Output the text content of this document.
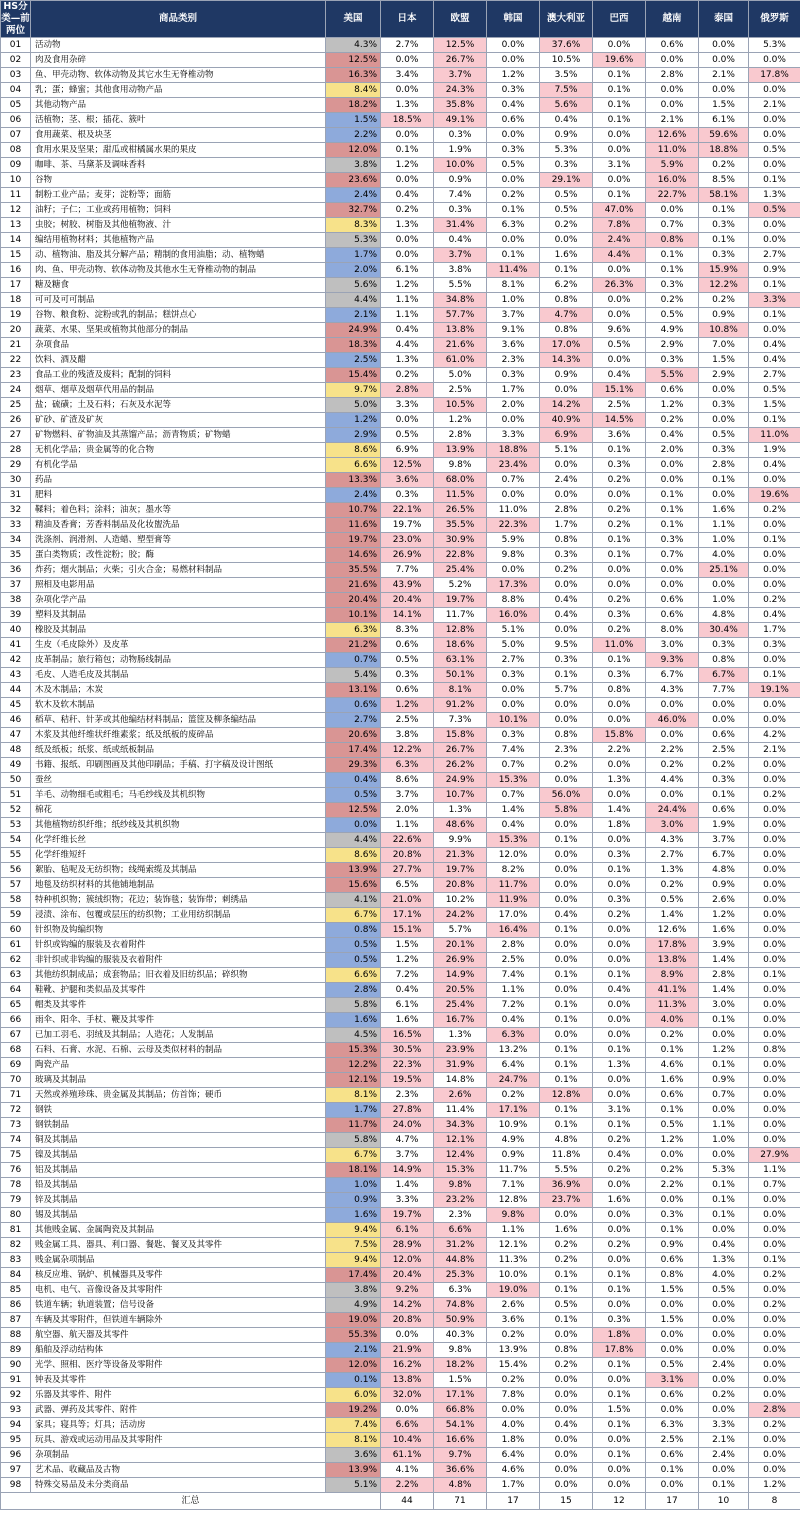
HS分类—前两位	商品类别	美国	日本	欧盟	韩国	澳大利亚	巴西	越南	泰国	俄罗斯
01	活动物	4.3%	2.7%	12.5%	0.0%	37.6%	0.0%	0.6%	0.0%	5.3%
02	肉及食用杂碎	12.5%	0.0%	26.7%	0.0%	10.5%	19.6%	0.0%	0.0%	0.0%
03	鱼、甲壳动物、软体动物及其它水生无脊椎动物	16.3%	3.4%	3.7%	1.2%	3.5%	0.1%	2.8%	2.1%	17.8%
04	乳；蛋；蜂蜜；其他食用动物产品	8.4%	0.0%	24.3%	0.3%	7.5%	0.1%	0.0%	0.0%	0.0%
05	其他动物产品	18.2%	1.3%	35.8%	0.4%	5.6%	0.1%	0.0%	1.5%	2.1%
06	活植物；茎、根；插花、簇叶	1.5%	18.5%	49.1%	0.6%	0.4%	0.1%	2.1%	6.1%	0.0%
07	食用蔬菜、根及块茎	2.2%	0.0%	0.3%	0.0%	0.9%	0.0%	12.6%	59.6%	0.0%
08	食用水果及坚果；甜瓜或柑橘属水果的果皮	12.0%	0.1%	1.9%	0.3%	5.3%	0.0%	11.0%	18.8%	0.5%
09	咖啡、茶、马黛茶及调味香料	3.8%	1.2%	10.0%	0.5%	0.3%	3.1%	5.9%	0.2%	0.0%
10	谷物	23.6%	0.0%	0.9%	0.0%	29.1%	0.0%	16.0%	8.5%	0.1%
11	制粉工业产品；麦芽；淀粉等；面筋	2.4%	0.4%	7.4%	0.2%	0.5%	0.1%	22.7%	58.1%	1.3%
12	油籽；子仁；工业或药用植物；饲料	32.7%	0.2%	0.3%	0.1%	0.5%	47.0%	0.0%	0.1%	0.5%
13	虫胶；树胶、树脂及其他植物液、汁	8.3%	1.3%	31.4%	6.3%	0.2%	7.8%	0.7%	0.3%	0.0%
14	编结用植物材料；其他植物产品	5.3%	0.0%	0.4%	0.0%	0.0%	2.4%	0.8%	0.1%	0.0%
15	动、植物油、脂及其分解产品；精制的食用油脂；动、植物蜡	1.7%	0.0%	3.7%	0.1%	1.6%	4.4%	0.1%	0.3%	2.7%
16	肉、鱼、甲壳动物、软体动物及其他水生无脊椎动物的制品	2.0%	6.1%	3.8%	11.4%	0.1%	0.0%	0.1%	15.9%	0.9%
17	糖及糖食	5.6%	1.2%	5.5%	8.1%	6.2%	26.3%	0.3%	12.2%	0.1%
18	可可及可可制品	4.4%	1.1%	34.8%	1.0%	0.8%	0.0%	0.2%	0.2%	3.3%
19	谷物、粮食粉、淀粉或乳的制品；糕饼点心	2.1%	1.1%	57.7%	3.7%	4.7%	0.0%	0.5%	0.9%	0.1%
20	蔬菜、水果、坚果或植物其他部分的制品	24.9%	0.4%	13.8%	9.1%	0.8%	9.6%	4.9%	10.8%	0.0%
21	杂项食品	18.3%	4.4%	21.6%	3.6%	17.0%	0.5%	2.9%	7.0%	0.4%
22	饮料、酒及醋	2.5%	1.3%	61.0%	2.3%	14.3%	0.0%	0.3%	1.5%	0.4%
23	食品工业的残渣及废料；配制的饲料	15.4%	0.2%	5.0%	0.3%	0.9%	0.4%	5.5%	2.9%	2.7%
24	烟草、烟草及烟草代用品的制品	9.7%	2.8%	2.5%	1.7%	0.0%	15.1%	0.6%	0.0%	0.5%
25	盐；硫磺；土及石料；石灰及水泥等	5.0%	3.3%	10.5%	2.0%	14.2%	2.5%	1.2%	0.3%	1.5%
26	矿砂、矿渣及矿灰	1.2%	0.0%	1.2%	0.0%	40.9%	14.5%	0.2%	0.0%	0.1%
27	矿物燃料、矿物油及其蒸馏产品；沥青物质；矿物蜡	2.9%	0.5%	2.8%	3.3%	6.9%	3.6%	0.4%	0.5%	11.0%
28	无机化学品；贵金属等的化合物	8.6%	6.9%	13.9%	18.8%	5.1%	0.1%	2.0%	0.3%	1.9%
29	有机化学品	6.6%	12.5%	9.8%	23.4%	0.0%	0.3%	0.0%	2.8%	0.4%
30	药品	13.3%	3.6%	68.0%	0.7%	2.4%	0.2%	0.0%	0.1%	0.0%
31	肥料	2.4%	0.3%	11.5%	0.0%	0.0%	0.0%	0.1%	0.0%	19.6%
32	鞣料；着色料；涂料；油灰；墨水等	10.7%	22.1%	26.5%	11.0%	2.8%	0.2%	0.1%	1.6%	0.2%
33	精油及香膏；芳香料制品及化妆盥洗品	11.6%	19.7%	35.5%	22.3%	1.7%	0.2%	0.1%	1.1%	0.0%
34	洗涤剂、润滑剂、人造蜡、塑型膏等	19.7%	23.0%	30.9%	5.9%	0.8%	0.1%	0.3%	1.0%	0.1%
35	蛋白类物质；改性淀粉；胶；酶	14.6%	26.9%	22.8%	9.8%	0.3%	0.1%	0.7%	4.0%	0.0%
36	炸药；烟火制品；火柴；引火合金；易燃材料制品	35.5%	7.7%	25.4%	0.0%	0.2%	0.0%	0.0%	25.1%	0.0%
37	照相及电影用品	21.6%	43.9%	5.2%	17.3%	0.0%	0.0%	0.0%	0.0%	0.0%
38	杂项化学产品	20.4%	20.4%	19.7%	8.8%	0.4%	0.2%	0.6%	1.0%	0.2%
39	塑料及其制品	10.1%	14.1%	11.7%	16.0%	0.4%	0.3%	0.6%	4.8%	0.4%
40	橡胶及其制品	6.3%	8.3%	12.8%	5.1%	0.0%	0.2%	8.0%	30.4%	1.7%
41	生皮（毛皮除外）及皮革	21.2%	0.6%	18.6%	5.0%	9.5%	11.0%	3.0%	0.3%	0.3%
42	皮革制品；旅行箱包；动物肠线制品	0.7%	0.5%	63.1%	2.7%	0.3%	0.1%	9.3%	0.8%	0.0%
43	毛皮、人造毛皮及其制品	5.4%	0.3%	50.1%	0.3%	0.1%	0.3%	6.7%	6.7%	0.1%
44	木及木制品；木炭	13.1%	0.6%	8.1%	0.0%	5.7%	0.8%	4.3%	7.7%	19.1%
45	软木及软木制品	0.6%	1.2%	91.2%	0.0%	0.0%	0.0%	0.0%	0.0%	0.0%
46	稻草、秸秆、针茅或其他编结材料制品；篮筐及柳条编结品	2.7%	2.5%	7.3%	10.1%	0.0%	0.0%	46.0%	0.0%	0.0%
47	木浆及其他纤维状纤维素浆；纸及纸板的废碎品	20.6%	3.8%	15.8%	0.3%	0.8%	15.8%	0.0%	0.6%	4.2%
48	纸及纸板；纸浆、纸或纸板制品	17.4%	12.2%	26.7%	7.4%	2.3%	2.2%	2.2%	2.5%	2.1%
49	书籍、报纸、印刷图画及其他印刷品；手稿、打字稿及设计图纸	29.3%	6.3%	26.2%	0.7%	0.2%	0.0%	0.2%	0.2%	0.0%
50	蚕丝	0.4%	8.6%	24.9%	15.3%	0.0%	1.3%	4.4%	0.3%	0.0%
51	羊毛、动物细毛或粗毛；马毛纱线及其机织物	0.5%	3.7%	10.7%	0.7%	56.0%	0.0%	0.0%	0.1%	0.2%
52	棉花	12.5%	2.0%	1.3%	1.4%	5.8%	1.4%	24.4%	0.6%	0.0%
53	其他植物纺织纤维；纸纱线及其机织物	0.0%	1.1%	48.6%	0.4%	0.0%	1.8%	3.0%	1.9%	0.0%
54	化学纤维长丝	4.4%	22.6%	9.9%	15.3%	0.1%	0.0%	4.3%	3.7%	0.0%
55	化学纤维短纤	8.6%	20.8%	21.3%	12.0%	0.0%	0.3%	2.7%	6.7%	0.0%
56	絮胎、毡呢及无纺织物；线绳索缆及其制品	13.9%	27.7%	19.7%	8.2%	0.0%	0.1%	1.3%	4.8%	0.0%
57	地毯及纺织材料的其他铺地制品	15.6%	6.5%	20.8%	11.7%	0.0%	0.0%	0.2%	0.9%	0.0%
58	特种机织物；簇绒织物；花边；装饰毯；装饰带；刺绣品	4.1%	21.0%	10.2%	11.9%	0.0%	0.3%	0.5%	2.6%	0.0%
59	浸渍、涂布、包覆或层压的纺织物；工业用纺织制品	6.7%	17.1%	24.2%	17.0%	0.4%	0.2%	1.4%	1.2%	0.0%
60	针织物及钩编织物	0.8%	15.1%	5.7%	16.4%	0.1%	0.0%	12.6%	1.6%	0.0%
61	针织或钩编的服装及衣着附件	0.5%	1.5%	20.1%	2.8%	0.0%	0.0%	17.8%	3.9%	0.0%
62	非针织或非钩编的服装及衣着附件	0.5%	1.2%	26.9%	2.5%	0.0%	0.0%	13.8%	1.4%	0.0%
63	其他纺织制成品；成套物品；旧衣着及旧纺织品；碎织物	6.6%	7.2%	14.9%	7.4%	0.1%	0.1%	8.9%	2.8%	0.1%
64	鞋靴、护腿和类似品及其零件	2.8%	0.4%	20.5%	1.1%	0.0%	0.4%	41.1%	1.4%	0.0%
65	帽类及其零件	5.8%	6.1%	25.4%	7.2%	0.1%	0.0%	11.3%	3.0%	0.0%
66	雨伞、阳伞、手杖、鞭及其零件	1.6%	1.6%	16.7%	0.4%	0.1%	0.0%	4.0%	0.1%	0.0%
67	已加工羽毛、羽绒及其制品；人造花；人发制品	4.5%	16.5%	1.3%	6.3%	0.0%	0.0%	0.2%	0.0%	0.0%
68	石料、石膏、水泥、石棉、云母及类似材料的制品	15.3%	30.5%	23.9%	13.2%	0.1%	0.1%	0.1%	1.2%	0.8%
69	陶瓷产品	12.2%	22.3%	31.9%	6.4%	0.1%	1.3%	4.6%	0.1%	0.0%
70	玻璃及其制品	12.1%	19.5%	14.8%	24.7%	0.1%	0.0%	1.6%	0.9%	0.0%
71	天然或养殖珍珠、贵金属及其制品；仿首饰；硬币	8.1%	2.3%	2.6%	0.2%	12.8%	0.0%	0.6%	0.7%	0.0%
72	钢铁	1.7%	27.8%	11.4%	17.1%	0.1%	3.1%	0.1%	0.0%	0.0%
73	钢铁制品	11.7%	24.0%	34.3%	10.9%	0.1%	0.1%	0.5%	1.1%	0.0%
74	铜及其制品	5.8%	4.7%	12.1%	4.9%	4.8%	0.2%	1.2%	1.0%	0.0%
75	镍及其制品	6.7%	3.7%	12.4%	0.9%	11.8%	0.4%	0.0%	0.0%	27.9%
76	铝及其制品	18.1%	14.9%	15.3%	11.7%	5.5%	0.2%	0.2%	5.3%	1.1%
78	铅及其制品	1.0%	1.4%	9.8%	7.1%	36.9%	0.0%	2.2%	0.1%	0.7%
79	锌及其制品	0.9%	3.3%	23.2%	12.8%	23.7%	1.6%	0.0%	0.1%	0.0%
80	锡及其制品	1.6%	19.7%	2.3%	9.8%	0.0%	0.0%	0.3%	0.1%	0.0%
81	其他贱金属、金属陶瓷及其制品	9.4%	6.1%	6.6%	1.1%	1.6%	0.0%	0.1%	0.0%	0.0%
82	贱金属工具、器具、利口器、餐匙、餐叉及其零件	7.5%	28.9%	31.2%	12.1%	0.2%	0.2%	0.9%	0.4%	0.0%
83	贱金属杂项制品	9.4%	12.0%	44.8%	11.3%	0.2%	0.0%	0.6%	1.3%	0.1%
84	核反应堆、锅炉、机械器具及零件	17.4%	20.4%	25.3%	10.0%	0.1%	0.1%	0.8%	4.0%	0.2%
85	电机、电气、音像设备及其零附件	3.8%	9.2%	6.3%	19.0%	0.1%	0.1%	1.5%	0.5%	0.0%
86	铁道车辆；轨道装置；信号设备	4.9%	14.2%	74.8%	2.6%	0.5%	0.0%	0.0%	0.0%	0.2%
87	车辆及其零附件，但铁道车辆除外	19.0%	20.8%	50.9%	3.6%	0.1%	0.3%	1.5%	0.0%	0.0%
88	航空器、航天器及其零件	55.3%	0.0%	40.3%	0.2%	0.0%	1.8%	0.0%	0.0%	0.0%
89	船舶及浮动结构体	2.1%	21.9%	9.8%	13.9%	0.8%	17.8%	0.0%	0.0%	0.0%
90	光学、照相、医疗等设备及零附件	12.0%	16.2%	18.2%	15.4%	0.2%	0.1%	0.5%	2.4%	0.0%
91	钟表及其零件	0.1%	13.8%	1.5%	0.2%	0.0%	0.0%	3.1%	0.0%	0.0%
92	乐器及其零件、附件	6.0%	32.0%	17.1%	7.8%	0.0%	0.1%	0.6%	0.2%	0.0%
93	武器、弹药及其零件、附件	19.2%	0.0%	66.8%	0.0%	0.0%	1.5%	0.0%	0.0%	2.8%
94	家具；寝具等；灯具；活动房	7.4%	6.6%	54.1%	4.0%	0.4%	0.1%	6.3%	3.3%	0.2%
95	玩具、游戏或运动用品及其零附件	8.1%	10.4%	16.6%	1.8%	0.0%	0.0%	2.5%	2.1%	0.0%
96	杂项制品	3.6%	61.1%	9.7%	6.4%	0.0%	0.1%	0.6%	2.4%	0.0%
97	艺术品、收藏品及古物	13.9%	4.1%	36.6%	4.6%	0.0%	0.0%	0.1%	0.0%	0.0%
98	特殊交易品及未分类商品	5.1%	2.2%	4.8%	1.7%	0.0%	0.0%	0.0%	0.1%	1.2%
汇总			44	71	17	15	12	17	10	8
